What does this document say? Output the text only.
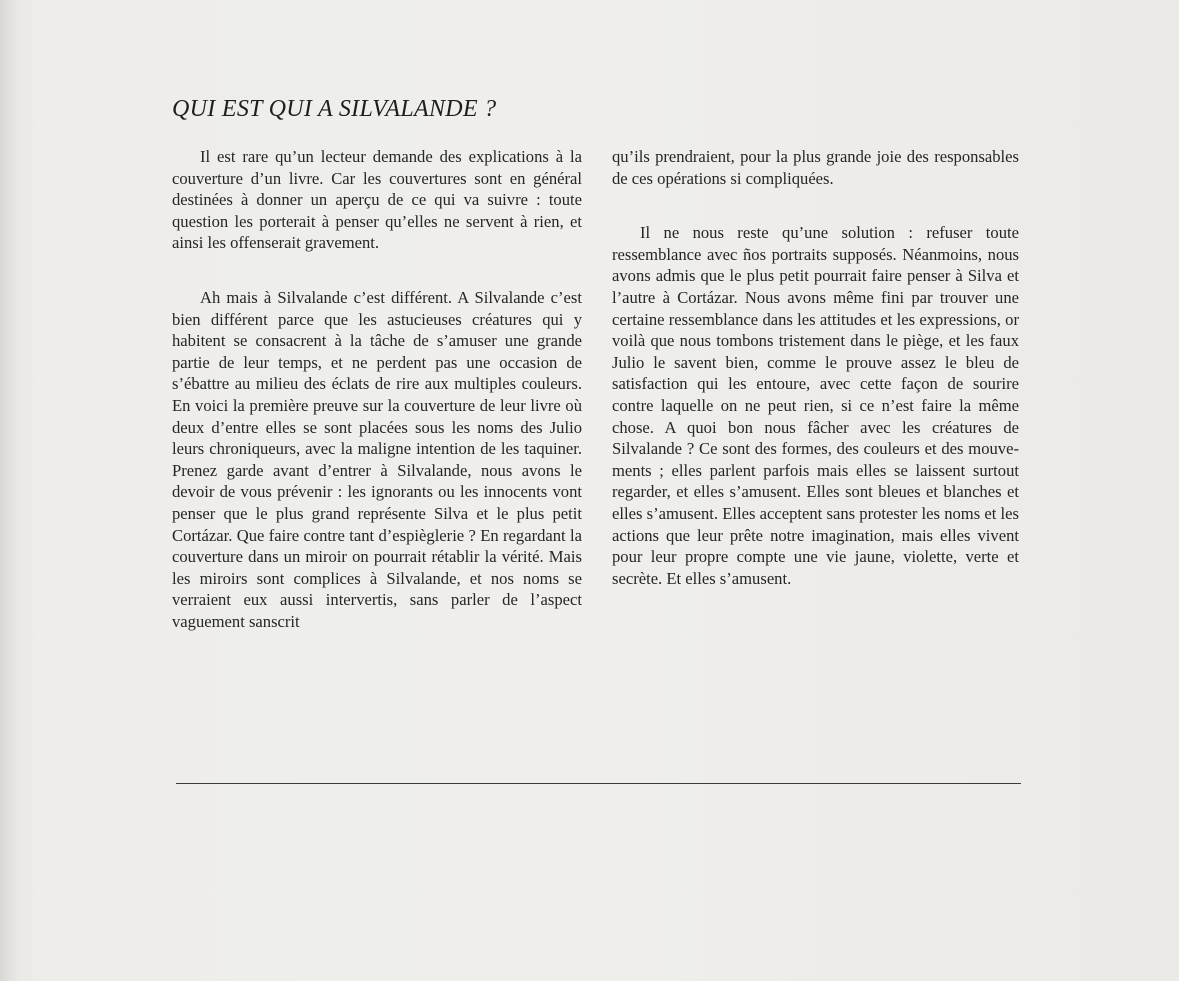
QUI EST QUI A SILVALANDE ?

Il est rare qu’un lecteur demande des explications à la couverture d’un livre. Car les couvertures sont en général destinées à donner un aperçu de ce qui va suivre : toute question les porterait à penser qu’elles ne servent à rien, et ainsi les offenserait gravement.

Ah mais à Silvalande c’est différent. A Silvalande c’est bien différent parce que les astucieuses créatures qui y habitent se consacrent à la tâche de s’amuser une grande partie de leur temps, et ne perdent pas une occasion de s’ébattre au milieu des éclats de rire aux multiples couleurs. En voici la première preuve sur la couverture de leur livre où deux d’entre elles se sont placées sous les noms des Julio leurs chroniqueurs, avec la maligne intention de les taquiner. Prenez garde avant d’entrer à Silvalande, nous avons le devoir de vous prévenir : les ignorants ou les innocents vont penser que le plus grand représente Silva et le plus petit Cortázar. Que faire contre tant d’espièglerie ? En regardant la couverture dans un miroir on pourrait rétablir la vérité. Mais les miroirs sont complices à Silvalande, et nos noms se verraient eux aussi intervertis, sans parler de l’aspect vaguement sanscrit

qu’ils prendraient, pour la plus grande joie des responsables de ces opérations si compliquées.

Il ne nous reste qu’une solution : refuser toute ressemblance avec ños portraits supposés. Néanmoins, nous avons admis que le plus petit pourrait faire penser à Silva et l’autre à Cortázar. Nous avons même fini par trouver une certaine ressemblance dans les attitudes et les expressions, or voilà que nous tombons tristement dans le piège, et les faux Julio le savent bien, comme le prouve assez le bleu de satisfaction qui les entoure, avec cette façon de sourire contre laquelle on ne peut rien, si ce n’est faire la même chose. A quoi bon nous fâcher avec les créatures de Silvalande ? Ce sont des formes, des couleurs et des mouvements ; elles parlent parfois mais elles se laissent surtout regarder, et elles s’amusent. Elles sont bleues et blanches et elles s’amusent. Elles acceptent sans protester les noms et les actions que leur prête notre imagination, mais elles vivent pour leur propre compte une vie jaune, violette, verte et secrète. Et elles s’amusent.
